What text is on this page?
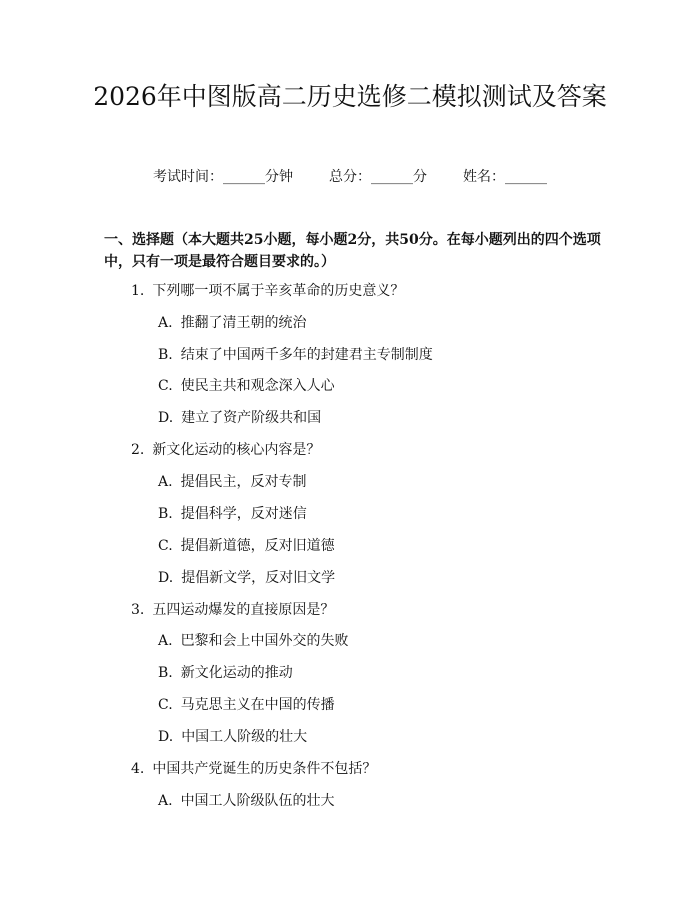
2026年中图版高二历史选修二模拟测试及答案
考试时间：______分钟	总分：______分	姓名：______
一、选择题（本大题共25小题，每小题2分，共50分。在每小题列出的四个选项中，只有一项是最符合题目要求的。）
1. 下列哪一项不属于辛亥革命的历史意义？
A. 推翻了清王朝的统治
B. 结束了中国两千多年的封建君主专制制度
C. 使民主共和观念深入人心
D. 建立了资产阶级共和国
2. 新文化运动的核心内容是？
A. 提倡民主，反对专制
B. 提倡科学，反对迷信
C. 提倡新道德，反对旧道德
D. 提倡新文学，反对旧文学
3. 五四运动爆发的直接原因是？
A. 巴黎和会上中国外交的失败
B. 新文化运动的推动
C. 马克思主义在中国的传播
D. 中国工人阶级的壮大
4. 中国共产党诞生的历史条件不包括？
A. 中国工人阶级队伍的壮大
